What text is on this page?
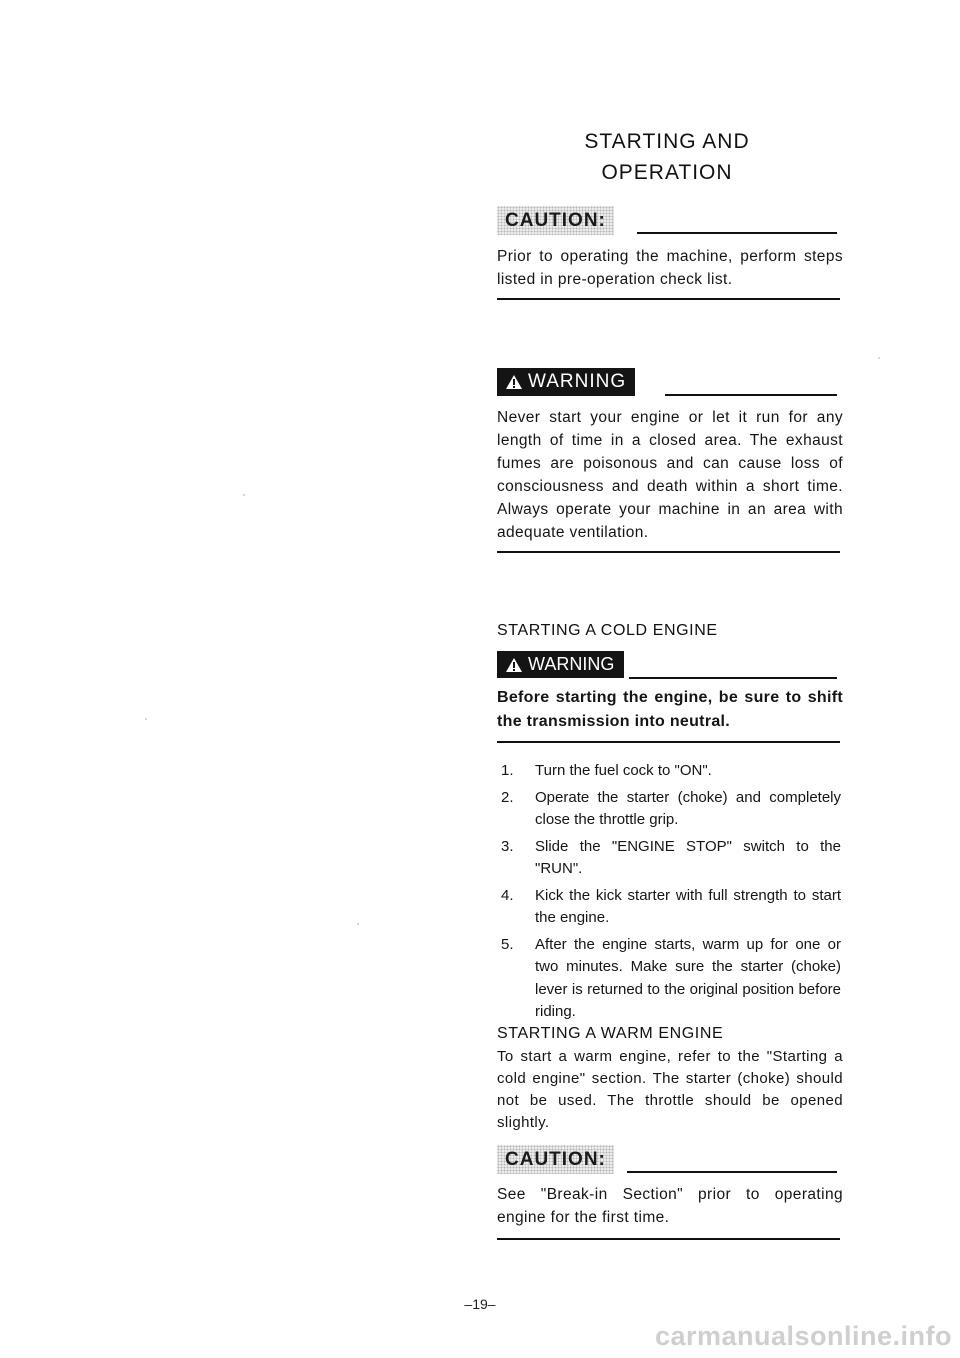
STARTING AND
OPERATION
CAUTION:
Prior to operating the machine, perform steps listed in pre-operation check list.
WARNING
Never start your engine or let it run for any length of time in a closed area. The exhaust fumes are poisonous and can cause loss of consciousness and death within a short time. Always operate your machine in an area with adequate ventilation.
STARTING A COLD ENGINE
WARNING
Before starting the engine, be sure to shift the transmission into neutral.
1. Turn the fuel cock to "ON".
2. Operate the starter (choke) and completely close the throttle grip.
3. Slide the "ENGINE STOP" switch to the "RUN".
4. Kick the kick starter with full strength to start the engine.
5. After the engine starts, warm up for one or two minutes. Make sure the starter (choke) lever is returned to the original position before riding.
STARTING A WARM ENGINE
To start a warm engine, refer to the "Starting a cold engine" section. The starter (choke) should not be used. The throttle should be opened slightly.
CAUTION:
See "Break-in Section" prior to operating engine for the first time.
–19–
carmanualsonline.info
